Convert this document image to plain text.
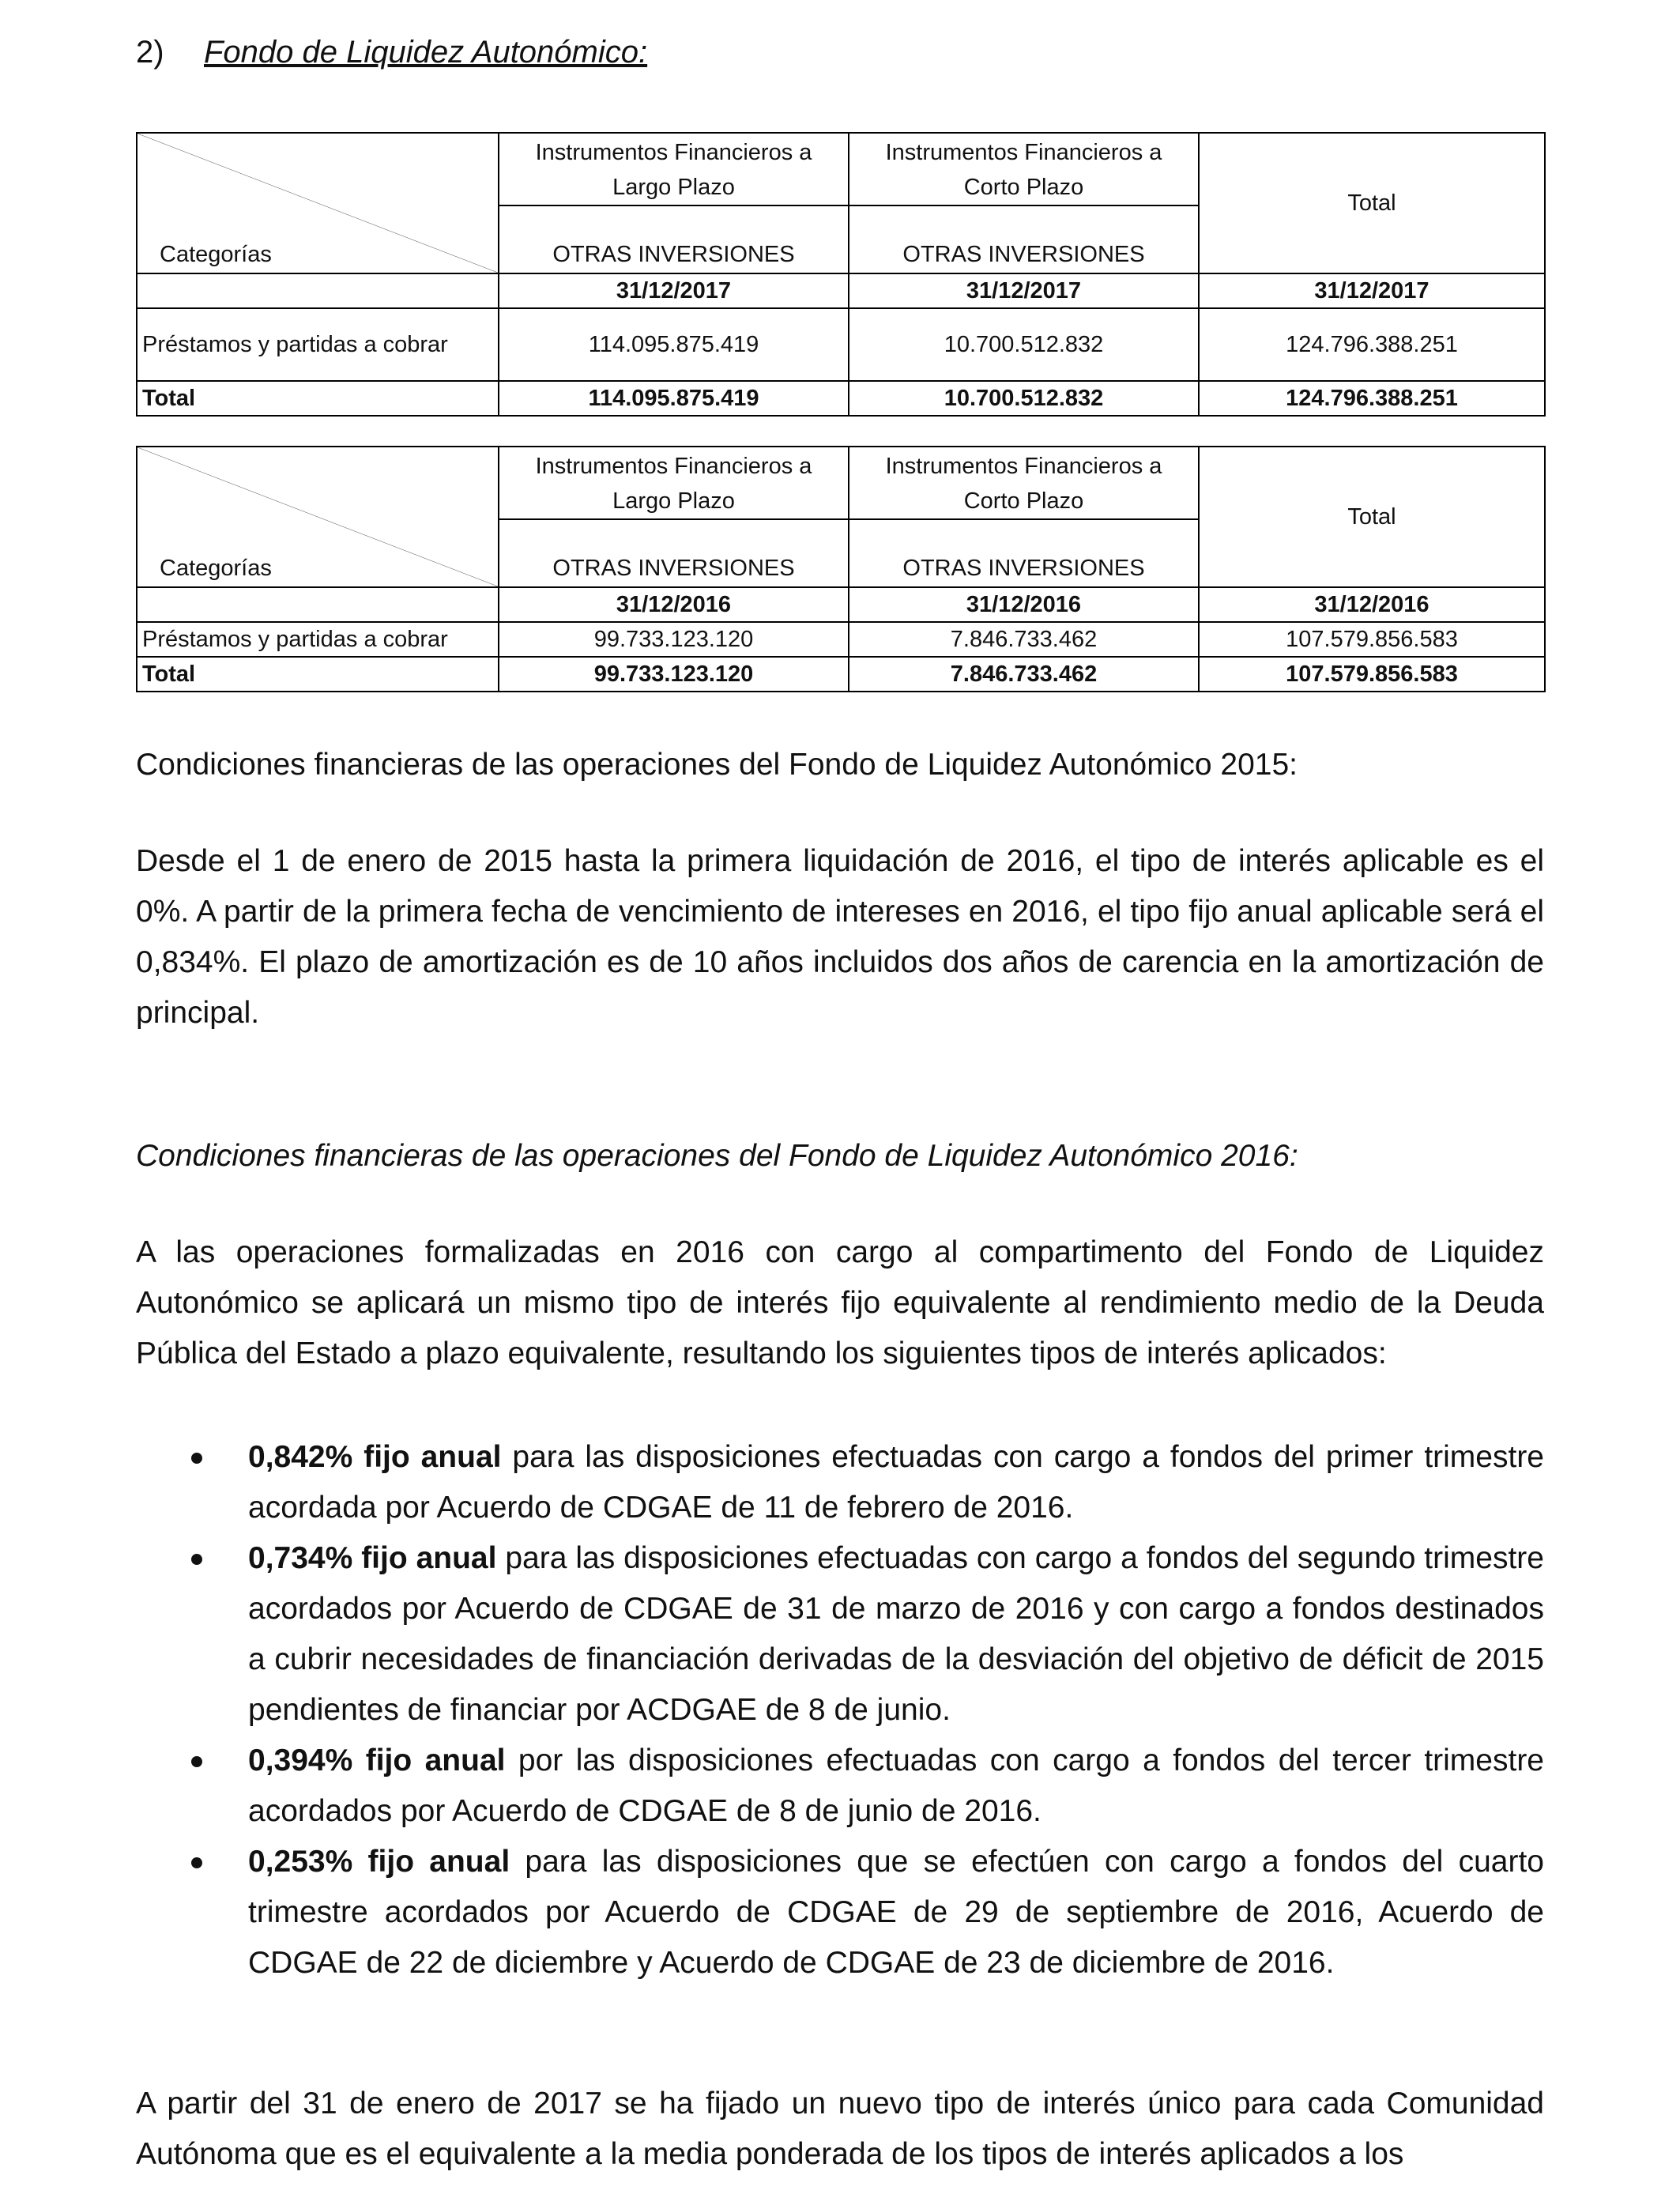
2) Fondo de Liquidez Autonómico:
Categorías	Instrumentos Financieros a Largo Plazo	Instrumentos Financieros a Corto Plazo	Total
	OTRAS INVERSIONES	OTRAS INVERSIONES	
	31/12/2017	31/12/2017	31/12/2017
Préstamos y partidas a cobrar	114.095.875.419	10.700.512.832	124.796.388.251
Total	114.095.875.419	10.700.512.832	124.796.388.251
Categorías	Instrumentos Financieros a Largo Plazo	Instrumentos Financieros a Corto Plazo	Total
	OTRAS INVERSIONES	OTRAS INVERSIONES	
	31/12/2016	31/12/2016	31/12/2016
Préstamos y partidas a cobrar	99.733.123.120	7.846.733.462	107.579.856.583
Total	99.733.123.120	7.846.733.462	107.579.856.583

Condiciones financieras de las operaciones del Fondo de Liquidez Autonómico 2015:

Desde el 1 de enero de 2015 hasta la primera liquidación de 2016, el tipo de interés aplicable es el 0%. A partir de la primera fecha de vencimiento de intereses en 2016, el tipo fijo anual aplicable será el 0,834%. El plazo de amortización es de 10 años incluidos dos años de carencia en la amortización de principal.

Condiciones financieras de las operaciones del Fondo de Liquidez Autonómico 2016:

A las operaciones formalizadas en 2016 con cargo al compartimento del Fondo de Liquidez Autonómico se aplicará un mismo tipo de interés fijo equivalente al rendimiento medio de la Deuda Pública del Estado a plazo equivalente, resultando los siguientes tipos de interés aplicados:

0,842% fijo anual para las disposiciones efectuadas con cargo a fondos del primer trimestre acordada por Acuerdo de CDGAE de 11 de febrero de 2016.
0,734% fijo anual para las disposiciones efectuadas con cargo a fondos del segundo trimestre acordados por Acuerdo de CDGAE de 31 de marzo de 2016 y con cargo a fondos destinados a cubrir necesidades de financiación derivadas de la desviación del objetivo de déficit de 2015 pendientes de financiar por ACDGAE de 8 de junio.
0,394% fijo anual por las disposiciones efectuadas con cargo a fondos del tercer trimestre acordados por Acuerdo de CDGAE de 8 de junio de 2016.
0,253% fijo anual para las disposiciones que se efectúen con cargo a fondos del cuarto trimestre acordados por Acuerdo de CDGAE de 29 de septiembre de 2016, Acuerdo de CDGAE de 22 de diciembre y Acuerdo de CDGAE de 23 de diciembre de 2016.

A partir del 31 de enero de 2017 se ha fijado un nuevo tipo de interés único para cada Comunidad Autónoma que es el equivalente a la media ponderada de los tipos de interés aplicados a los
